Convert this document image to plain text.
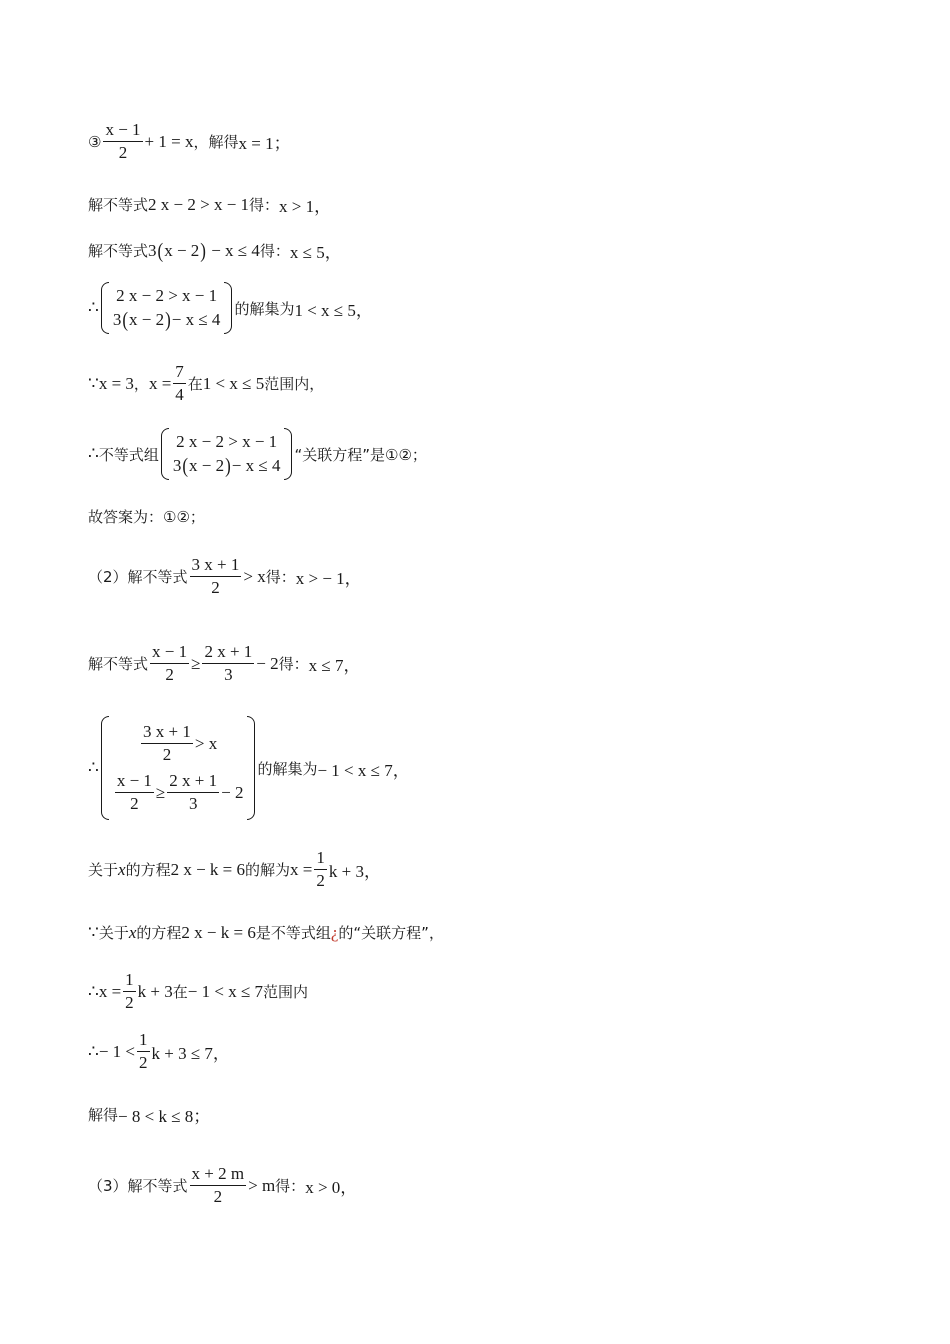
③ $\frac{x - 1}{2} + 1 = x$ ，解得 x = 1；
解不等式 2 x − 2 > x − 1 得： x > 1，
解不等式 3(x − 2) − x ≤ 4 得： x ≤ 5，
∴
2 x − 2 > x − 1
3 ( x − 2 ) − x ≤ 4
的解集为 1 < x ≤ 5，
∵ x = 3 ， $x = \frac{7}{4}$ 在 1 < x ≤ 5 范围内，
∴ 不等式组
2 x − 2 > x − 1
3 ( x − 2 ) − x ≤ 4
“关联方程”是①②；
故答案为：①②；
（2）解不等式 $\frac{3 x + 1}{2} > x$ 得： x > − 1，
解不等式 $\frac{x - 1}{2} \ge \frac{2 x + 1}{3} - 2$ 得： x ≤ 7，
∴
$\frac{3 x + 1}{2} > x$
$\frac{x - 1}{2} \ge \frac{2 x + 1}{3} - 2$
的解集为 − 1 < x ≤ 7，
关于 x 的方程 2 x − k = 6 的解为 $x = \frac{1}{2}$ k + 3，
∵ 关于 x 的方程 2 x − k = 6 是不等式组 ¿ 的“关联方程”，
∴ $x = \frac{1}{2}$ k + 3 在 − 1 < x ≤ 7 范围内
∴ − $1 < \frac{1}{2}$ k + 3 ≤ 7，
解得 − 8 < k ≤ 8；
（3）解不等式 $\frac{x + 2 m}{2} > m$ 得： x > 0，
